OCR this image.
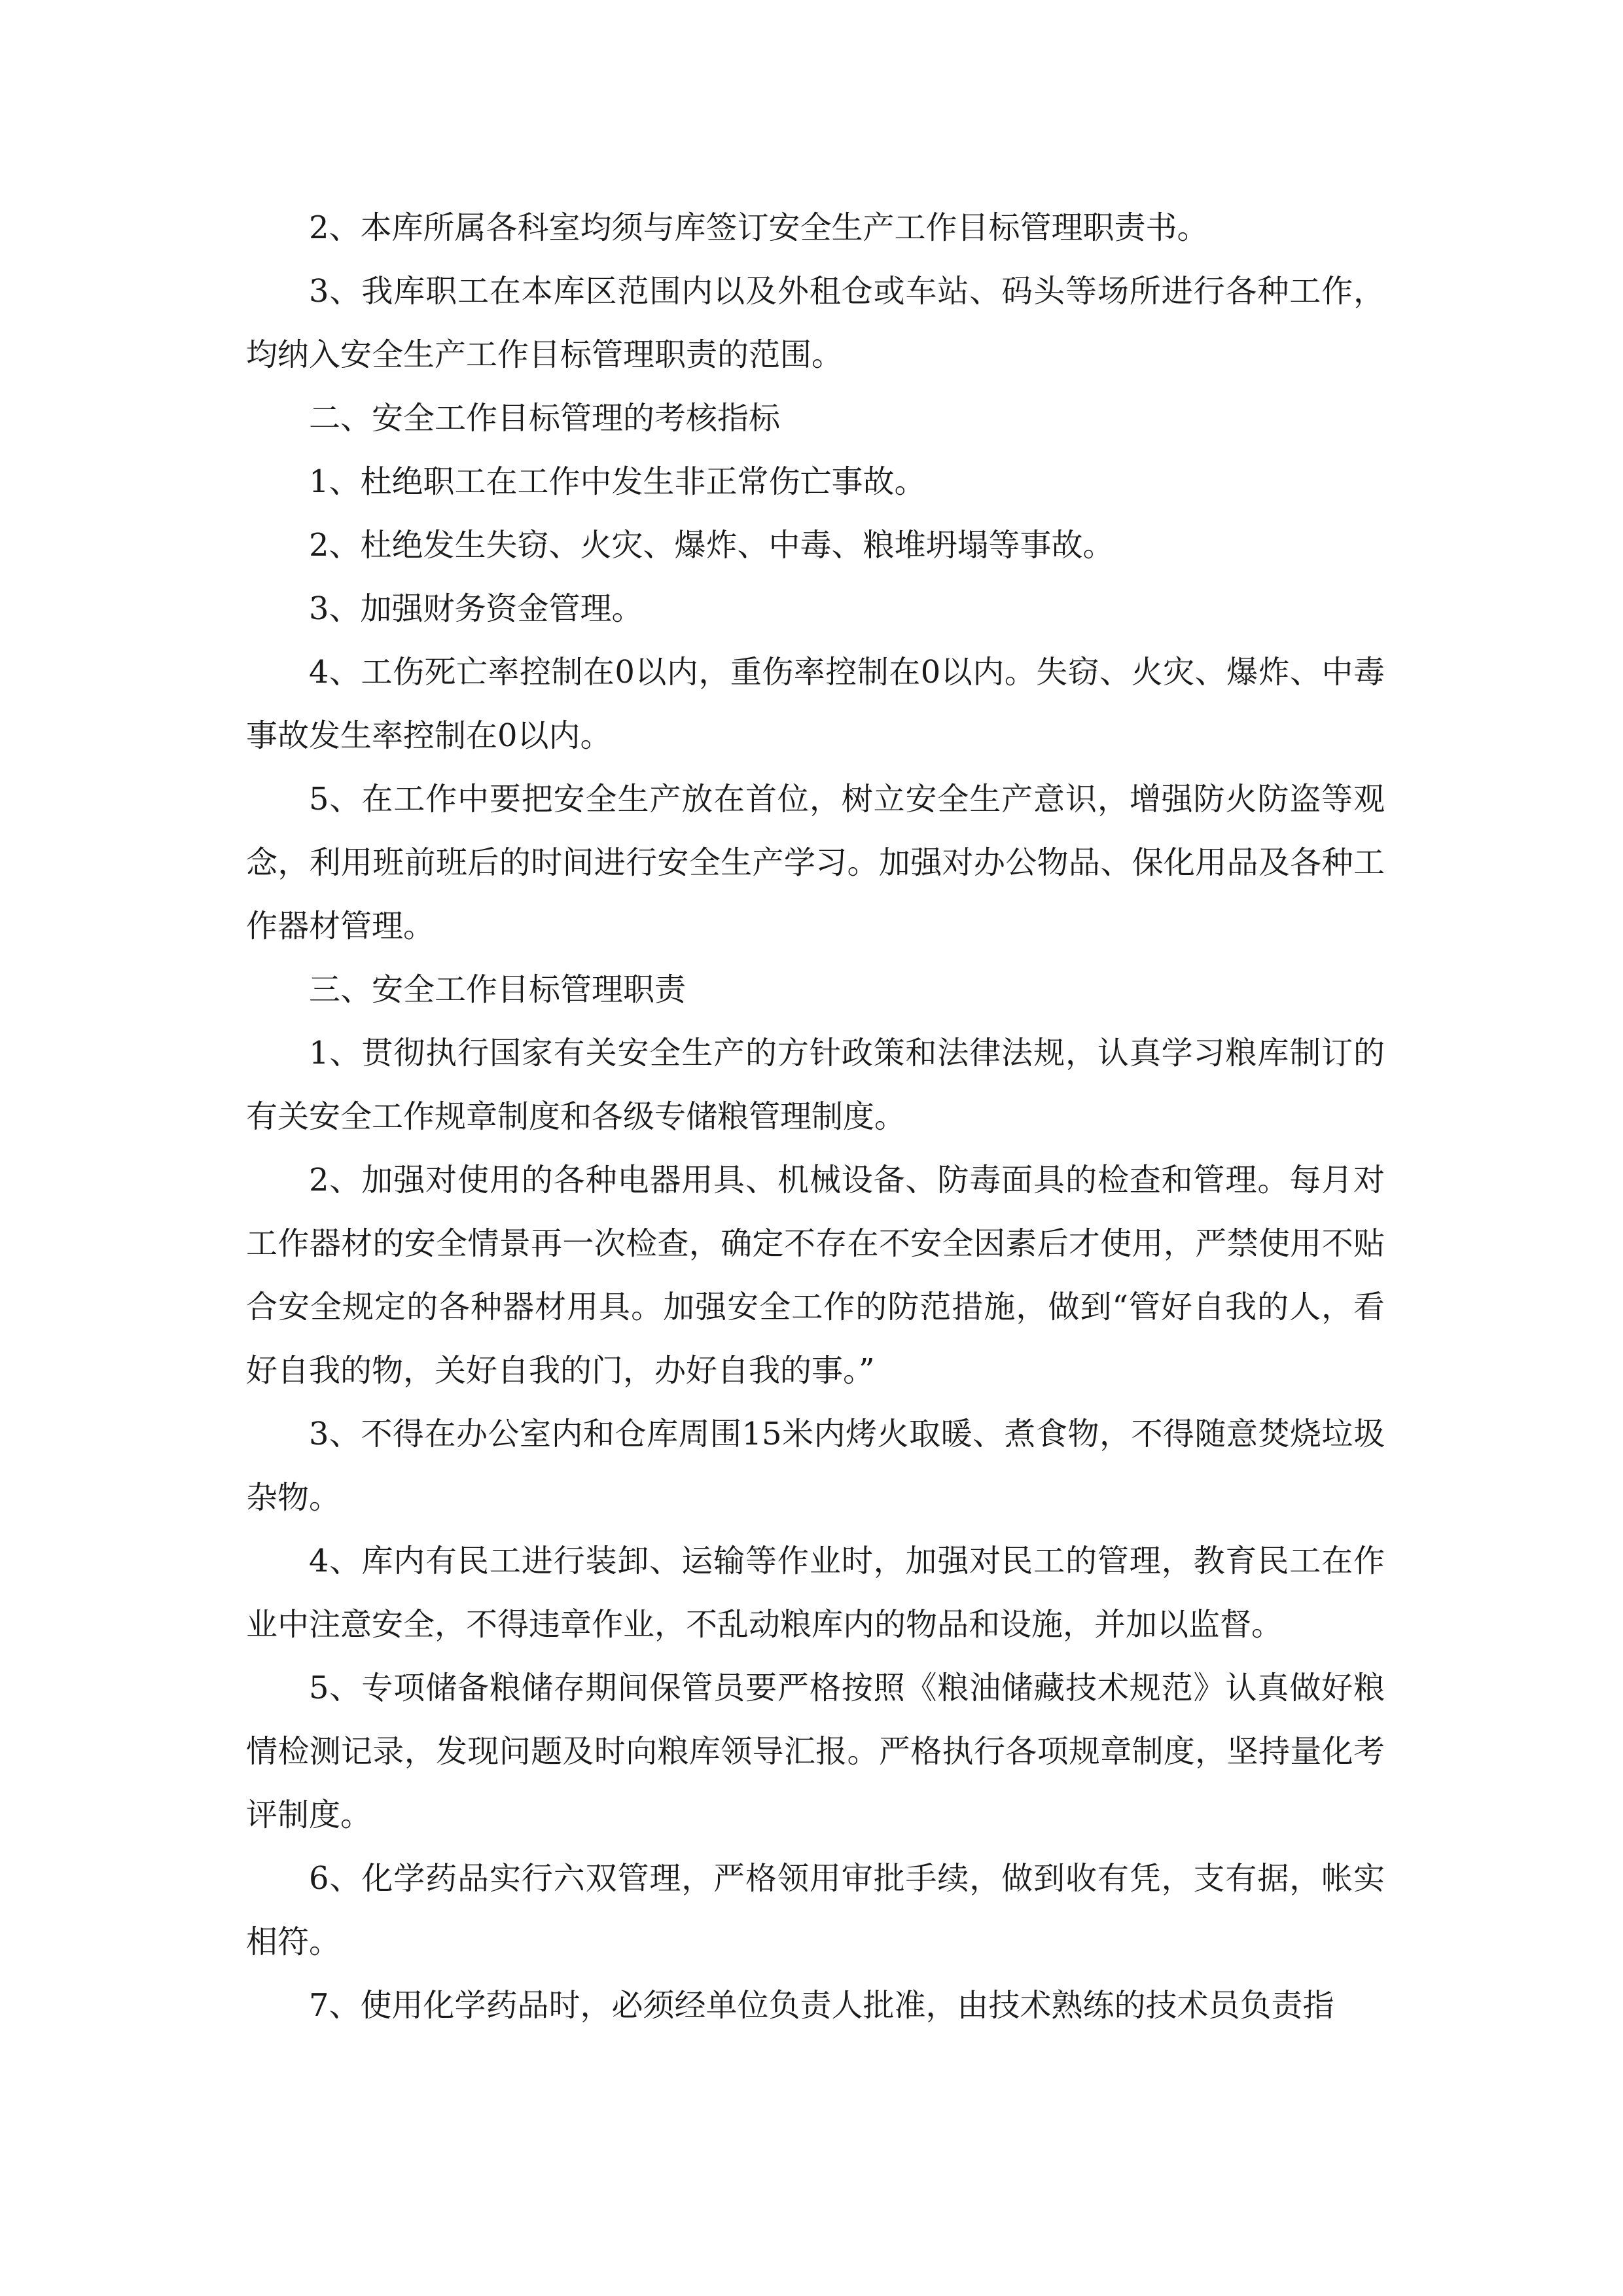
2、本库所属各科室均须与库签订安全生产工作目标管理职责书。

3、我库职工在本库区范围内以及外租仓或车站、码头等场所进行各种工作，均纳入安全生产工作目标管理职责的范围。

二、安全工作目标管理的考核指标

1、杜绝职工在工作中发生非正常伤亡事故。

2、杜绝发生失窃、火灾、爆炸、中毒、粮堆坍塌等事故。

3、加强财务资金管理。

4、工伤死亡率控制在0以内，重伤率控制在0以内。失窃、火灾、爆炸、中毒事故发生率控制在0以内。

5、在工作中要把安全生产放在首位，树立安全生产意识，增强防火防盗等观念，利用班前班后的时间进行安全生产学习。加强对办公物品、保化用品及各种工作器材管理。

三、安全工作目标管理职责

1、贯彻执行国家有关安全生产的方针政策和法律法规，认真学习粮库制订的有关安全工作规章制度和各级专储粮管理制度。

2、加强对使用的各种电器用具、机械设备、防毒面具的检查和管理。每月对工作器材的安全情景再一次检查，确定不存在不安全因素后才使用，严禁使用不贴合安全规定的各种器材用具。加强安全工作的防范措施，做到“管好自我的人，看好自我的物，关好自我的门，办好自我的事。”

3、不得在办公室内和仓库周围15米内烤火取暖、煮食物，不得随意焚烧垃圾杂物。

4、库内有民工进行装卸、运输等作业时，加强对民工的管理，教育民工在作业中注意安全，不得违章作业，不乱动粮库内的物品和设施，并加以监督。

5、专项储备粮储存期间保管员要严格按照《粮油储藏技术规范》认真做好粮情检测记录，发现问题及时向粮库领导汇报。严格执行各项规章制度，坚持量化考评制度。

6、化学药品实行六双管理，严格领用审批手续，做到收有凭，支有据，帐实相符。

7、使用化学药品时，必须经单位负责人批准，由技术熟练的技术员负责指
